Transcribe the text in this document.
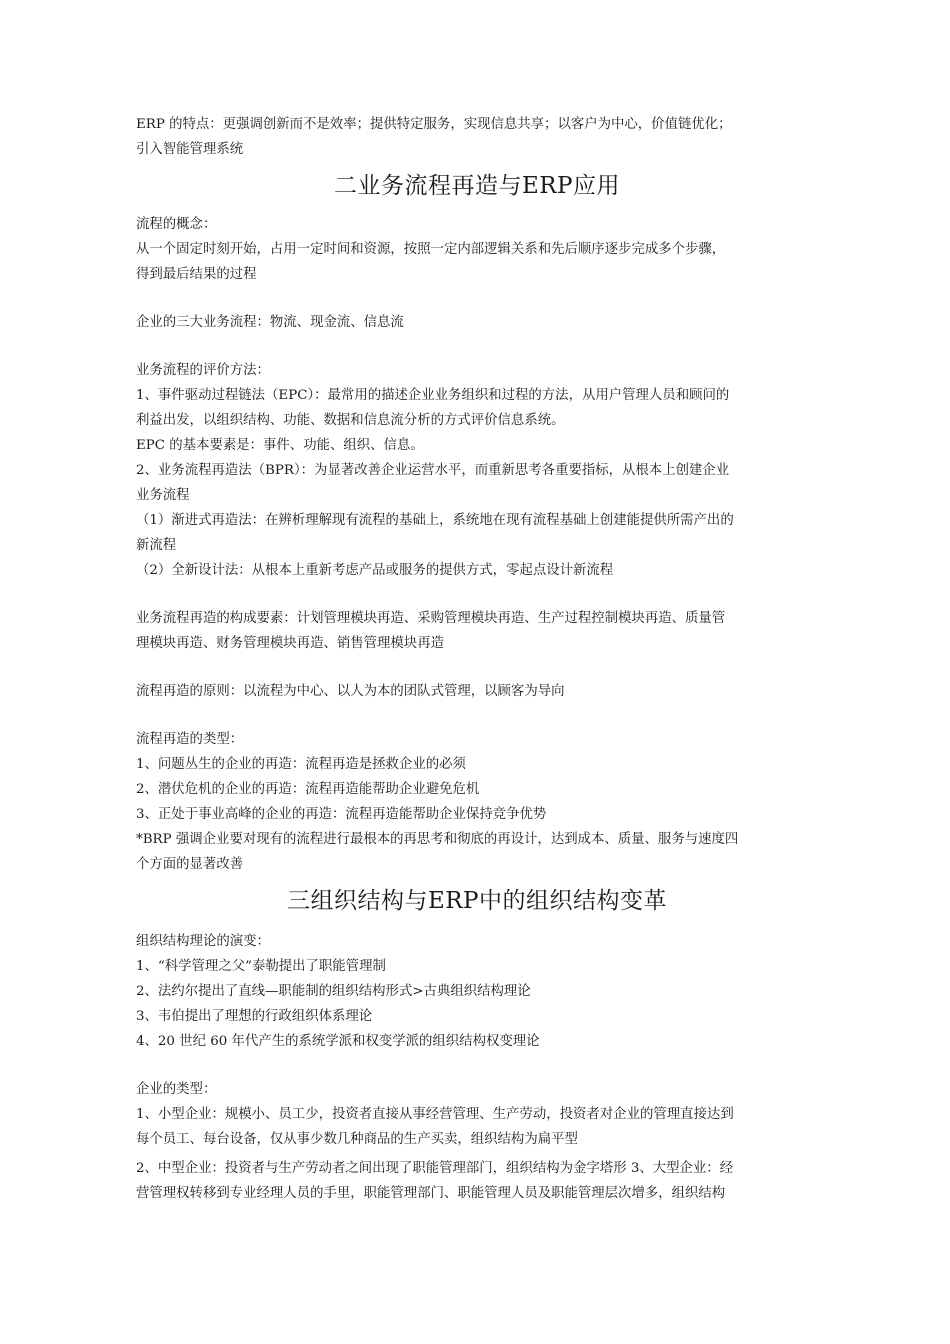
ERP 的特点：更强调创新而不是效率；提供特定服务，实现信息共享；以客户为中心，价值链优化；

引入智能管理系统

二业务流程再造与ERP应用

流程的概念：

从一个固定时刻开始，占用一定时间和资源，按照一定内部逻辑关系和先后顺序逐步完成多个步骤，

得到最后结果的过程

企业的三大业务流程：物流、现金流、信息流

业务流程的评价方法：

1、事件驱动过程链法（EPC）：最常用的描述企业业务组织和过程的方法，从用户管理人员和顾问的

利益出发，以组织结构、功能、数据和信息流分析的方式评价信息系统。

EPC 的基本要素是：事件、功能、组织、信息。

2、业务流程再造法（BPR）：为显著改善企业运营水平，而重新思考各重要指标，从根本上创建企业

业务流程

（1）渐进式再造法：在辨析理解现有流程的基础上，系统地在现有流程基础上创建能提供所需产出的

新流程

（2）全新设计法：从根本上重新考虑产品或服务的提供方式，零起点设计新流程

业务流程再造的构成要素：计划管理模块再造、采购管理模块再造、生产过程控制模块再造、质量管

理模块再造、财务管理模块再造、销售管理模块再造

流程再造的原则：以流程为中心、以人为本的团队式管理，以顾客为导向

流程再造的类型：

1、问题丛生的企业的再造：流程再造是拯救企业的必须

2、潜伏危机的企业的再造：流程再造能帮助企业避免危机

3、正处于事业高峰的企业的再造：流程再造能帮助企业保持竞争优势

*BRP 强调企业要对现有的流程进行最根本的再思考和彻底的再设计，达到成本、质量、服务与速度四

个方面的显著改善

三组织结构与ERP中的组织结构变革

组织结构理论的演变：

1、“科学管理之父”泰勒提出了职能管理制

2、法约尔提出了直线—职能制的组织结构形式>古典组织结构理论

3、韦伯提出了理想的行政组织体系理论

4、20 世纪 60 年代产生的系统学派和权变学派的组织结构权变理论

企业的类型：

1、小型企业：规模小、员工少，投资者直接从事经营管理、生产劳动，投资者对企业的管理直接达到

每个员工、每台设备，仅从事少数几种商品的生产买卖，组织结构为扁平型

2、中型企业：投资者与生产劳动者之间出现了职能管理部门，组织结构为金字塔形 3、大型企业：经

营管理权转移到专业经理人员的手里，职能管理部门、职能管理人员及职能管理层次增多，组织结构
